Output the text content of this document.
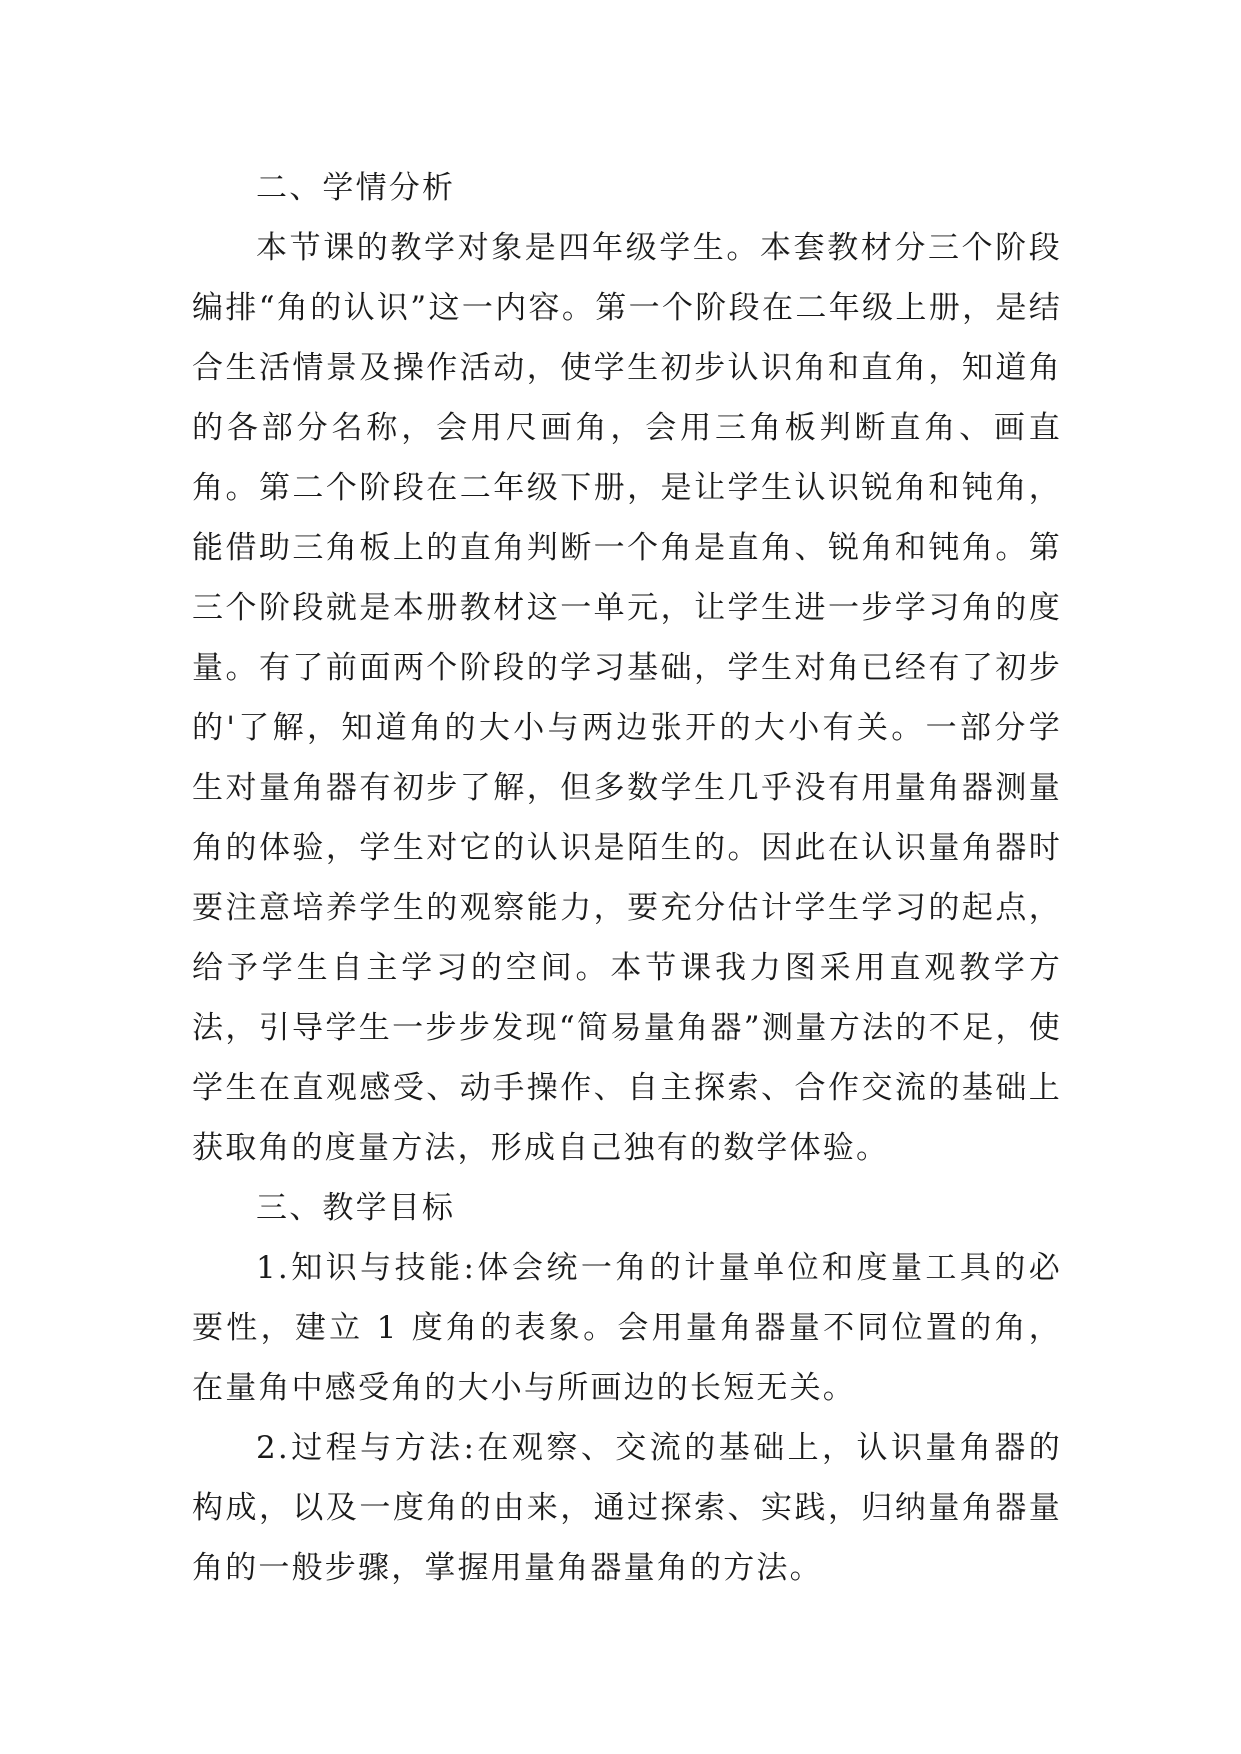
二、学情分析

本节课的教学对象是四年级学生。本套教材分三个阶段编排“角的认识”这一内容。第一个阶段在二年级上册，是结合生活情景及操作活动，使学生初步认识角和直角，知道角的各部分名称，会用尺画角，会用三角板判断直角、画直角。第二个阶段在二年级下册，是让学生认识锐角和钝角，能借助三角板上的直角判断一个角是直角、锐角和钝角。第三个阶段就是本册教材这一单元，让学生进一步学习角的度量。有了前面两个阶段的学习基础，学生对角已经有了初步的'了解，知道角的大小与两边张开的大小有关。一部分学生对量角器有初步了解，但多数学生几乎没有用量角器测量角的体验，学生对它的认识是陌生的。因此在认识量角器时要注意培养学生的观察能力，要充分估计学生学习的起点，给予学生自主学习的空间。本节课我力图采用直观教学方法，引导学生一步步发现“简易量角器”测量方法的不足，使学生在直观感受、动手操作、自主探索、合作交流的基础上获取角的度量方法，形成自己独有的数学体验。

三、教学目标

1.知识与技能:体会统一角的计量单位和度量工具的必要性，建立 1 度角的表象。会用量角器量不同位置的角，在量角中感受角的大小与所画边的长短无关。

2.过程与方法:在观察、交流的基础上，认识量角器的构成，以及一度角的由来，通过探索、实践，归纳量角器量角的一般步骤，掌握用量角器量角的方法。
